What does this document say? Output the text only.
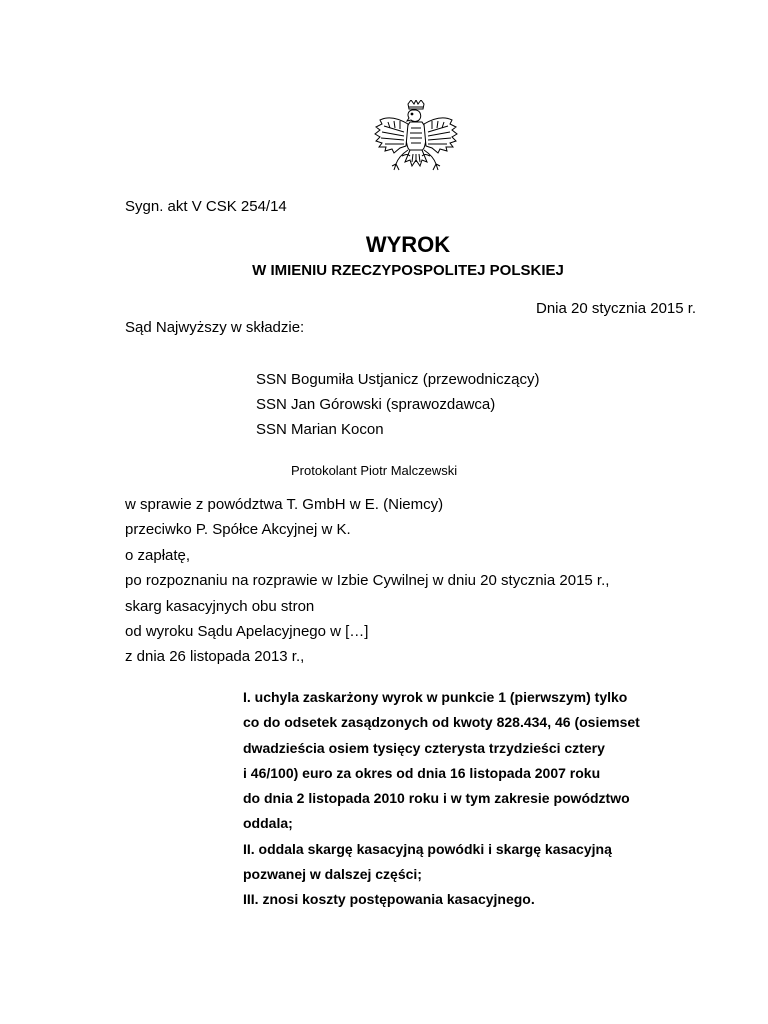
Sygn. akt V CSK 254/14
WYROK
W IMIENIU RZECZYPOSPOLITEJ POLSKIEJ
Dnia 20 stycznia 2015 r.
Sąd Najwyższy w składzie:
SSN Bogumiła Ustjanicz (przewodniczący)
SSN Jan Górowski (sprawozdawca)
SSN Marian Kocon
Protokolant Piotr Malczewski
w sprawie z powództwa T. GmbH w E. (Niemcy)
przeciwko P. Spółce Akcyjnej w K.
o zapłatę,
po rozpoznaniu na rozprawie w Izbie Cywilnej w dniu 20 stycznia 2015 r.,
skarg kasacyjnych obu stron
od wyroku Sądu Apelacyjnego w […]
z dnia 26 listopada 2013 r.,
I. uchyla zaskarżony wyrok w punkcie 1 (pierwszym) tylko
co do odsetek zasądzonych od kwoty 828.434, 46 (osiemset
dwadzieścia osiem tysięcy czterysta trzydzieści cztery
i 46/100) euro za okres od dnia 16 listopada 2007 roku
do dnia 2 listopada 2010 roku i w tym zakresie powództwo
oddala;
II. oddala skargę kasacyjną powódki i skargę kasacyjną
pozwanej w dalszej części;
III. znosi koszty postępowania kasacyjnego.
